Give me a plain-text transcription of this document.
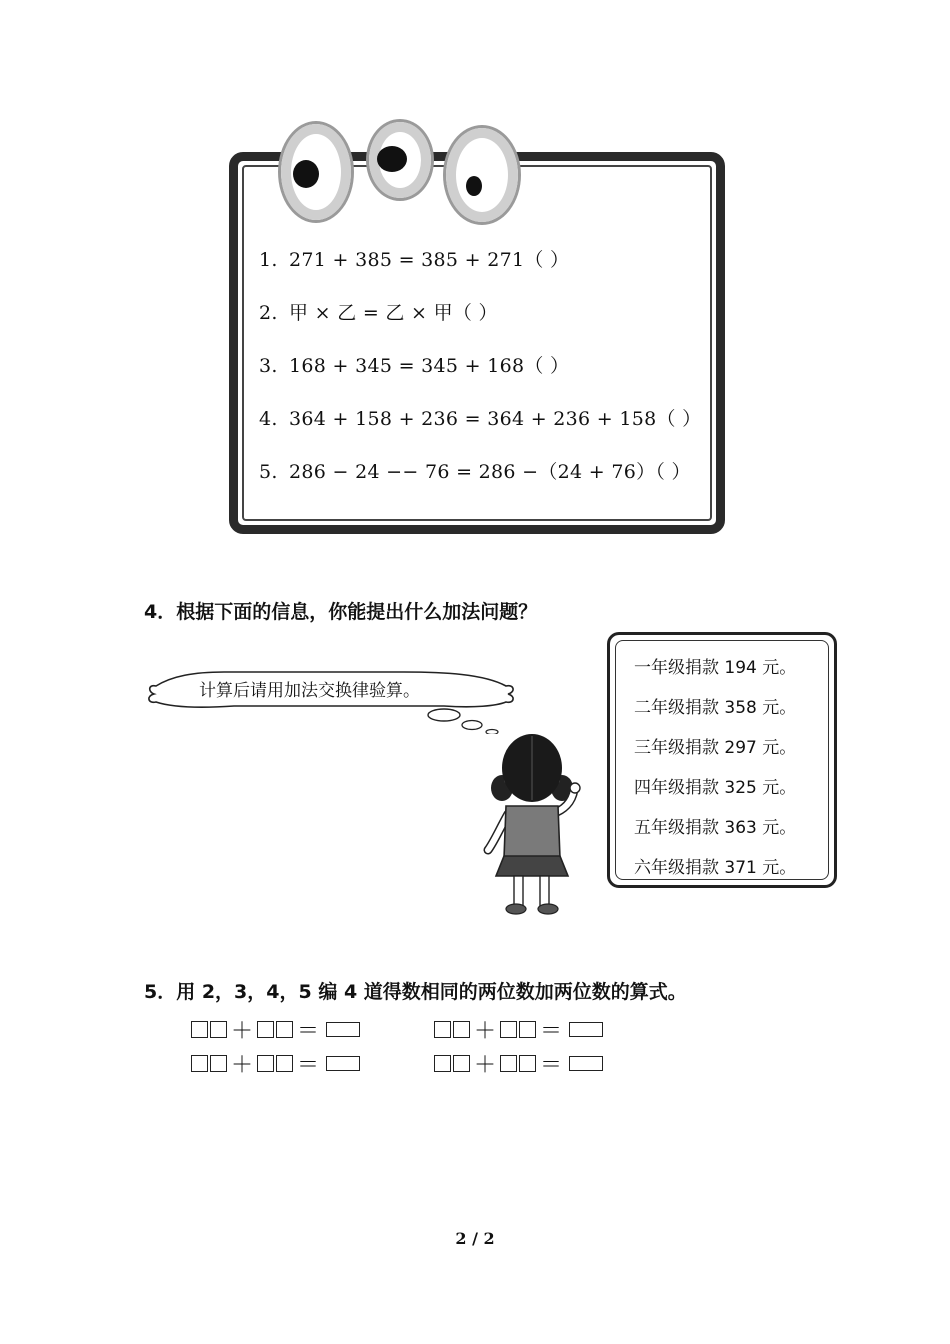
1. 271 + 385 = 385 + 271（ ）
2. 甲 × 乙 = 乙 × 甲（ ）
3. 168 + 345 = 345 + 168（ ）
4. 364 + 158 + 236 = 364 + 236 + 158（ ）
5. 286 − 24 −− 76 = 286 −（24 + 76）（ ）
4．根据下面的信息，你能提出什么加法问题？
计算后请用加法交换律验算。
一年级捐款 194 元。
二年级捐款 358 元。
三年级捐款 297 元。
四年级捐款 325 元。
五年级捐款 363 元。
六年级捐款 371 元。
5．用 2，3，4，5 编 4 道得数相同的两位数加两位数的算式。
＋ ＝	＋ ＝
＋ ＝	＋ ＝
2 / 2
